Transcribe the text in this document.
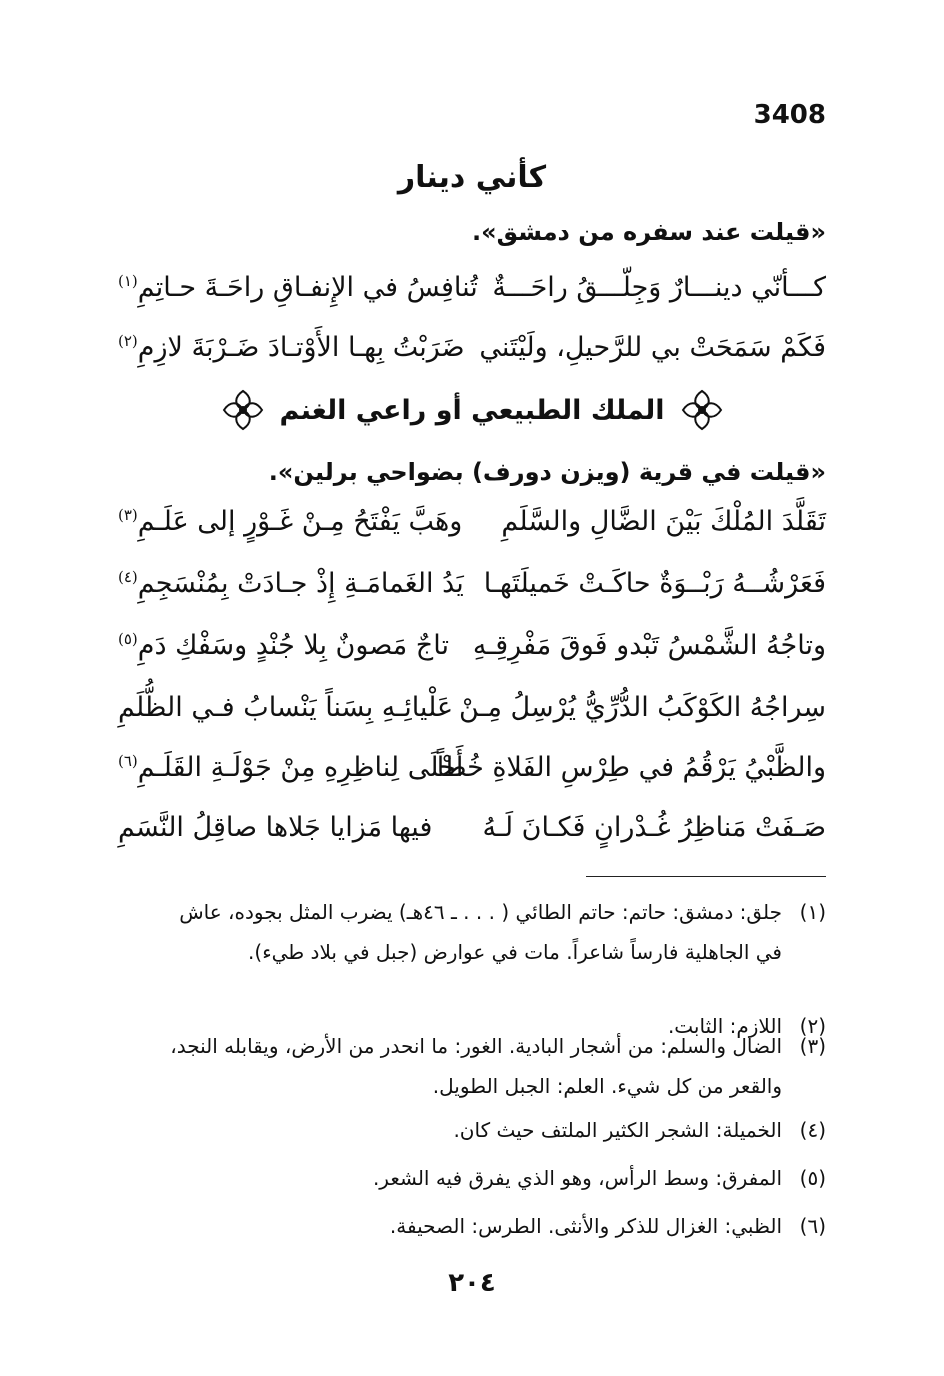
3408
كأني دينار
«قيلت عند سفره من دمشق».
كـــأنّي دينـــارٌ وَجِلّـــقُ راحَـــةٌ
تُنافِسُ في الإِنفـاقِ راحَـةَ حـاتِمِ$^{(١)}$
فَكَمْ سَمَحَتْ بي للرَّحيلِ، ولَيْتَني
ضَرَبْتُ بِهـا الأَوْتـادَ ضَـرْبَةَ لازِمِ$^{(٢)}$
الملك الطبيعي أو راعي الغنم
«قيلت في قرية (ويزن دورف) بضواحي برلين».
تَقَلَّدَ المُلْكَ بَيْنَ الضَّالِ والسَّلَمِ
وهَبَّ يَفْتَحُ مِـنْ غَـوْرٍ إلى عَلَـمِ$^{(٣)}$
فَعَرْشُــهُ رَبْــوَةٌ حاكَـتْ خَميلَتَهـا
يَدُ الغَمامَـةِ إِذْ جـادَتْ بِمُنْسَجِمِ$^{(٤)}$
وتاجُهُ الشَّمْسُ تَبْدو فَوقَ مَفْرِقِـهِ
تاجٌ مَصونٌ بِلا جُنْدٍ وسَفْكِ دَمِ$^{(٥)}$
سِراجُهُ الكَوْكَبُ الدُّرِّيُّ يُرْسِلُ مِـنْ
عَلْيائِـهِ بِسَناً يَنْسابُ فـي الظُّلَمِ
والظَّبْيُ يَرْقُمُ في طِرْسِ الفَلاةِ خُطاً
أَحْلَى لِناظِرِهِ مِنْ جَوْلَـةِ القَلَـمِ$^{(٦)}$
صَـفَتْ مَناظِرُ غُـدْرانٍ فَكـانَ لَـهُ
فيها مَزايا جَلاها صاقِلُ النَّسَمِ
(١)جلق: دمشق: حاتم: حاتم الطائي ( . . . ـ ٤٦هـ) يضرب المثل بجوده، عاش
في الجاهلية فارساً شاعراً. مات في عوارض (جبل في بلاد طيء).
(٢)اللازم: الثابت.
(٣)الضال والسلم: من أشجار البادية. الغور: ما انحدر من الأرض، ويقابله النجد،
والقعر من كل شيء. العلم: الجبل الطويل.
(٤)الخميلة: الشجر الكثير الملتف حيث كان.
(٥)المفرق: وسط الرأس، وهو الذي يفرق فيه الشعر.
(٦)الظبي: الغزال للذكر والأنثى. الطرس: الصحيفة.
٢٠٤
